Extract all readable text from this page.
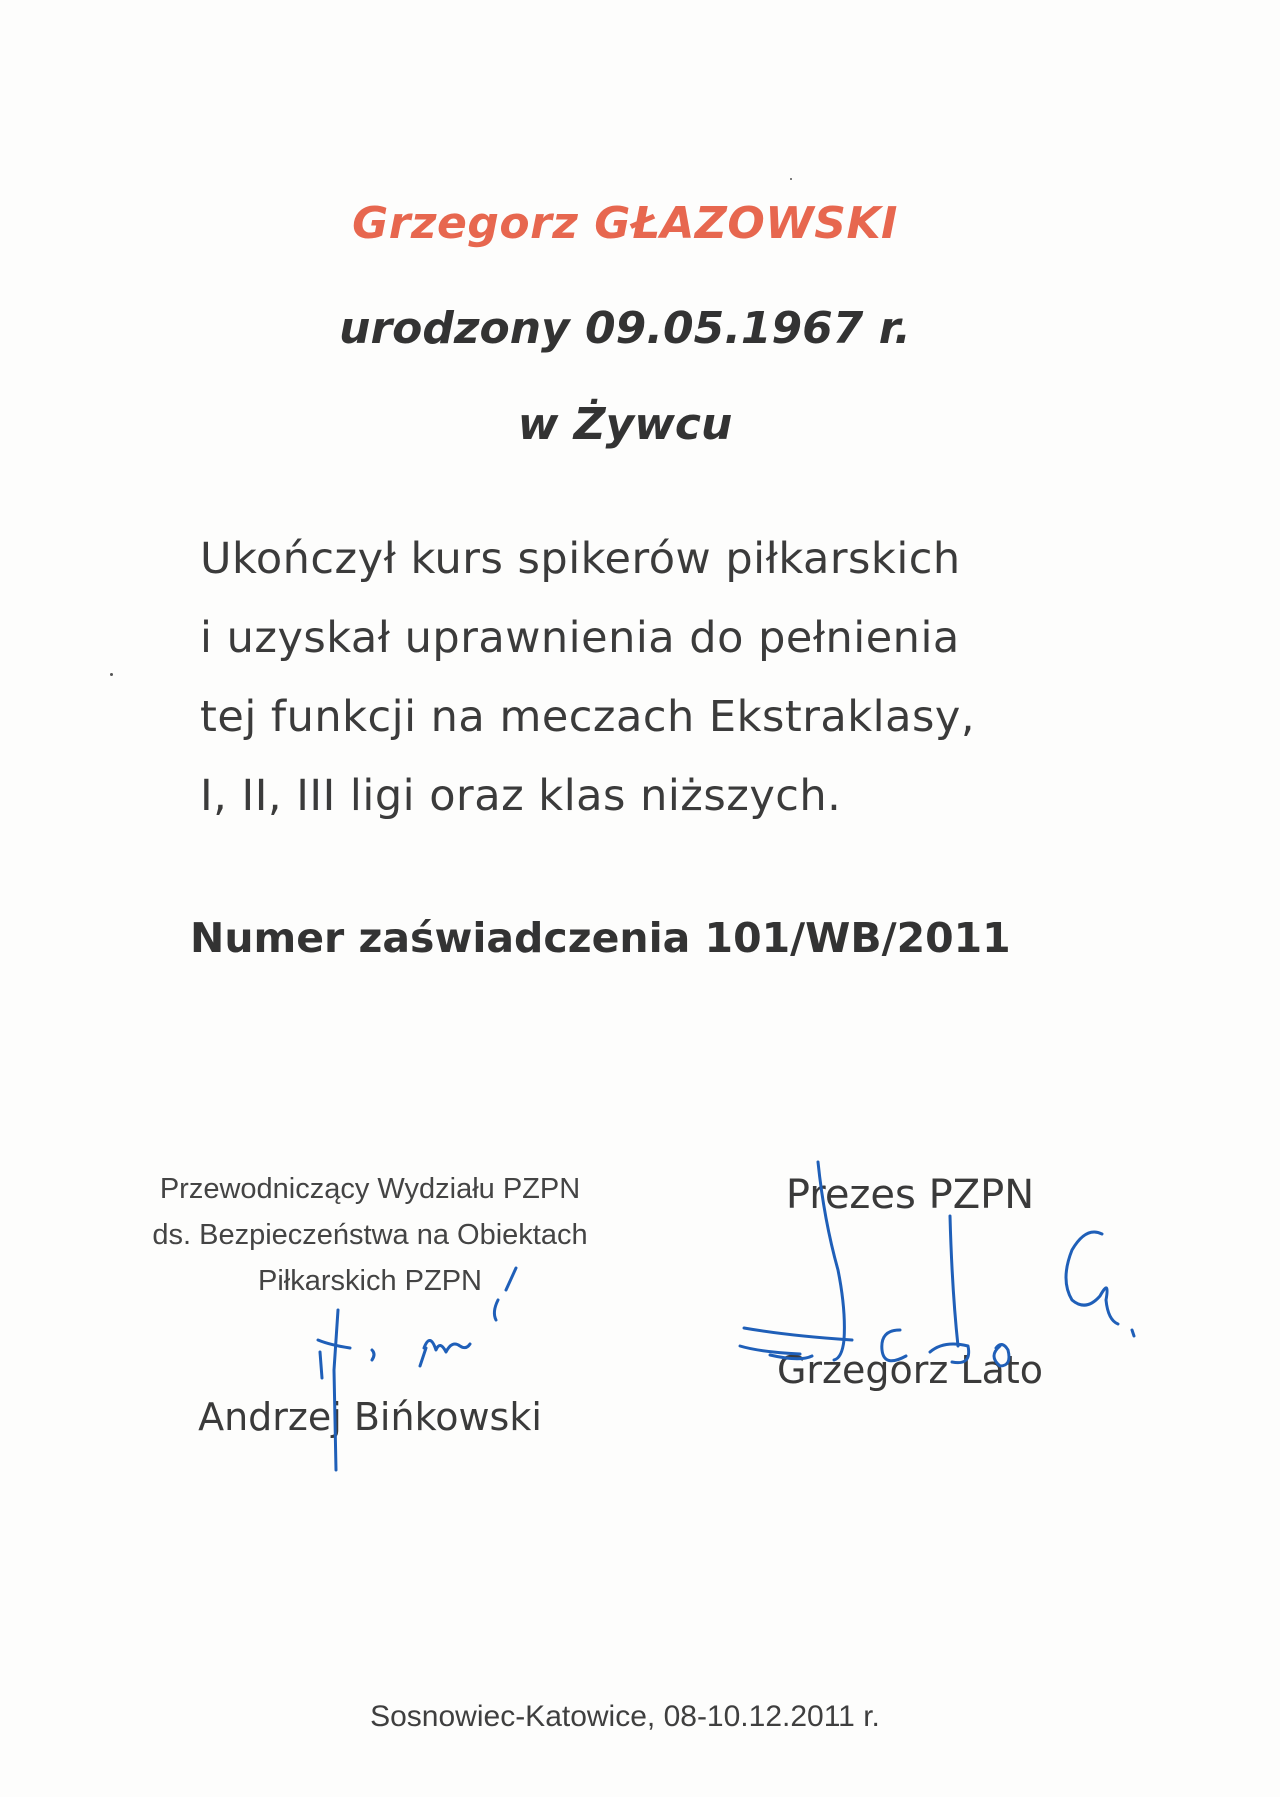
Grzegorz GŁAZOWSKI
urodzony 09.05.1967 r.
w Żywcu
Ukończył kurs spikerów piłkarskich
i uzyskał uprawnienia do pełnienia
tej funkcji na meczach Ekstraklasy,
I, II, III ligi oraz klas niższych.
Numer zaświadczenia 101/WB/2011
Przewodniczący Wydziału PZPN
ds. Bezpieczeństwa na Obiektach
Piłkarskich PZPN
Andrzej Bińkowski
Prezes PZPN
Grzegorz Lato
Sosnowiec-Katowice, 08-10.12.2011 r.
